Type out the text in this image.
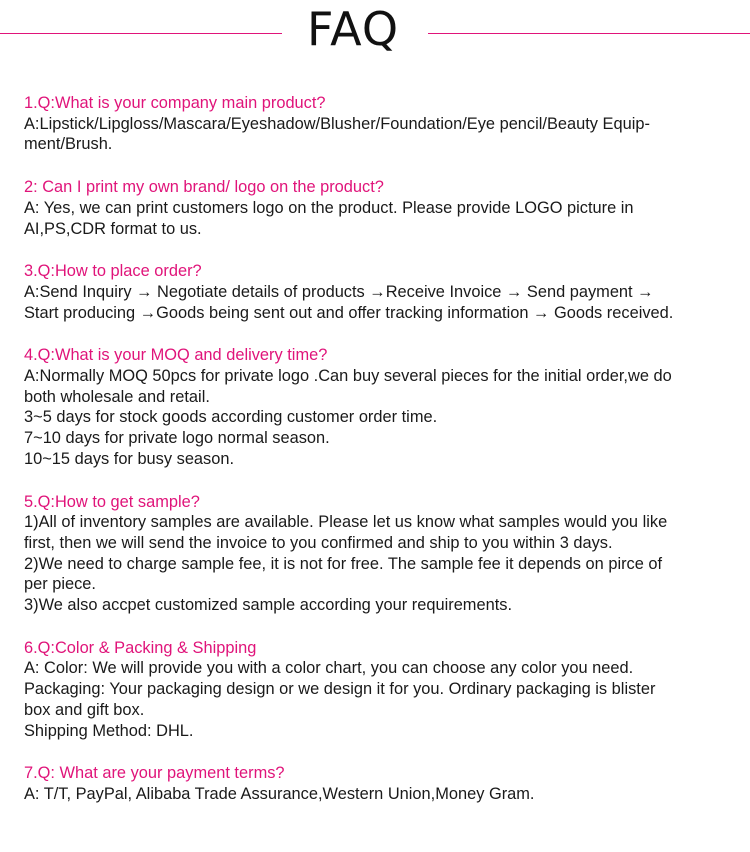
FAQ
1.Q:What is your company main product?
A:Lipstick/Lipgloss/Mascara/Eyeshadow/Blusher/Foundation/Eye pencil/Beauty Equip-
ment/Brush.
2: Can I print my own brand/ logo on the product?
A: Yes, we can print customers logo on the product. Please provide LOGO picture in
AI,PS,CDR format to us.
3.Q:How to place order?
A:Send Inquiry → Negotiate details of products →Receive Invoice → Send payment →
Start producing →Goods being sent out and offer tracking information → Goods received.
4.Q:What is your MOQ and delivery time?
A:Normally MOQ 50pcs for private logo .Can buy several pieces for the initial order,we do
both wholesale and retail.
3~5 days for stock goods according customer order time.
7~10 days for private logo normal season.
10~15 days for busy season.
5.Q:How to get sample?
1)All of inventory samples are available. Please let us know what samples would you like
first, then we will send the invoice to you confirmed and ship to you within 3 days.
2)We need to charge sample fee, it is not for free. The sample fee it depends on pirce of
per piece.
3)We also accpet customized sample according your requirements.
6.Q:Color & Packing & Shipping
A: Color: We will provide you with a color chart, you can choose any color you need.
Packaging: Your packaging design or we design it for you. Ordinary packaging is blister
box and gift box.
Shipping Method: DHL.
7.Q: What are your payment terms?
A: T/T, PayPal, Alibaba Trade Assurance,Western Union,Money Gram.
